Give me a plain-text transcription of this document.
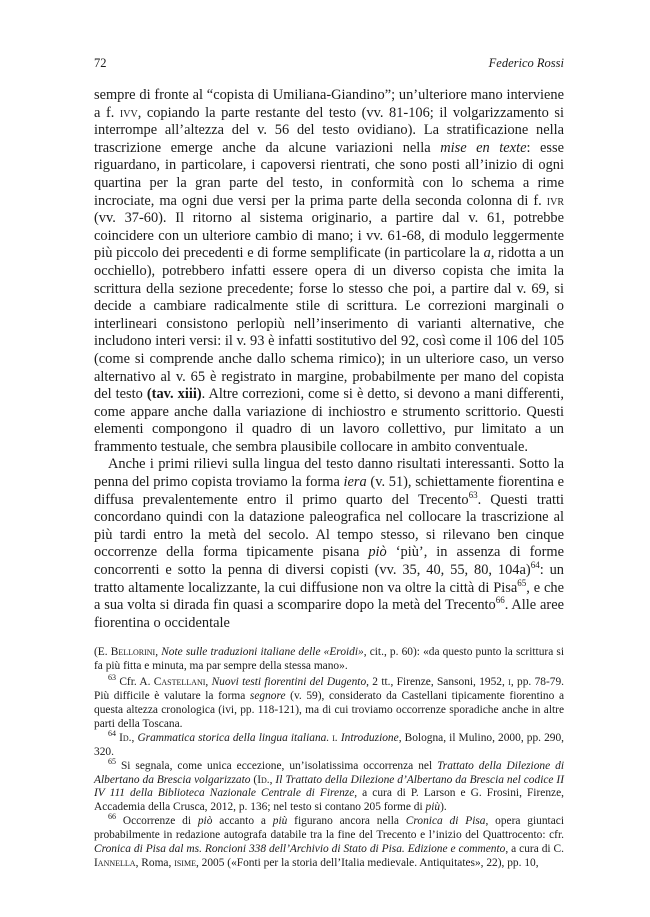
72	Federico Rossi

sempre di fronte al “copista di Umiliana-Giandino”; un’ulteriore mano interviene a f. ivv, copiando la parte restante del testo (vv. 81-106; il volgarizzamento si interrompe all’altezza del v. 56 del testo ovidiano). La stratificazione nella trascrizione emerge anche da alcune variazioni nella mise en texte: esse riguardano, in particolare, i capoversi rientrati, che sono posti all’inizio di ogni quartina per la gran parte del testo, in conformità con lo schema a rime incrociate, ma ogni due versi per la prima parte della seconda colonna di f. ivr (vv. 37-60). Il ritorno al sistema originario, a partire dal v. 61, potrebbe coincidere con un ulteriore cambio di mano; i vv. 61-68, di modulo leggermente più piccolo dei precedenti e di forme semplificate (in particolare la a, ridotta a un occhiello), potrebbero infatti essere opera di un diverso copista che imita la scrittura della sezione precedente; forse lo stesso che poi, a partire dal v. 69, si decide a cambiare radicalmente stile di scrittura. Le correzioni marginali o interlineari consistono perlopiù nell’inserimento di varianti alternative, che includono interi versi: il v. 93 è infatti sostitutivo del 92, così come il 106 del 105 (come si comprende anche dallo schema rimico); in un ulteriore caso, un verso alternativo al v. 65 è registrato in margine, probabilmente per mano del copista del testo (tav. xiii). Altre correzioni, come si è detto, si devono a mani differenti, come appare anche dalla variazione di inchiostro e strumento scrittorio. Questi elementi compongono il quadro di un lavoro collettivo, pur limitato a un frammento testuale, che sembra plausibile collocare in ambito conventuale.

Anche i primi rilievi sulla lingua del testo danno risultati interessanti. Sotto la penna del primo copista troviamo la forma iera (v. 51), schiettamente fiorentina e diffusa prevalentemente entro il primo quarto del Trecento$^{63}$. Questi tratti concordano quindi con la datazione paleografica nel collocare la trascrizione al più tardi entro la metà del secolo. Al tempo stesso, si rilevano ben cinque occorrenze della forma tipicamente pisana piò ‘più’, in assenza di forme concorrenti e sotto la penna di diversi copisti (vv. 35, 40, 55, 80, 104a)$^{64}$: un tratto altamente localizzante, la cui diffusione non va oltre la città di Pisa$^{65}$, e che a sua volta si dirada fin quasi a scomparire dopo la metà del Trecento$^{66}$. Alle aree fiorentina o occidentale

(E. Bellorini, Note sulle traduzioni italiane delle «Eroidi», cit., p. 60): «da questo punto la scrittura si fa più fitta e minuta, ma par sempre della stessa mano».

$^{63}$ Cfr. A. Castellani, Nuovi testi fiorentini del Dugento, 2 tt., Firenze, Sansoni, 1952, i, pp. 78-79. Più difficile è valutare la forma segnore (v. 59), considerato da Castellani tipicamente fiorentino a questa altezza cronologica (ivi, pp. 118-121), ma di cui troviamo occorrenze sporadiche anche in altre parti della Toscana.

$^{64}$ Id., Grammatica storica della lingua italiana. i. Introduzione, Bologna, il Mulino, 2000, pp. 290, 320.

$^{65}$ Si segnala, come unica eccezione, un’isolatissima occorrenza nel Trattato della Dilezione di Albertano da Brescia volgarizzato (Id., Il Trattato della Dilezione d’Albertano da Brescia nel codice II IV 111 della Biblioteca Nazionale Centrale di Firenze, a cura di P. Larson e G. Frosini, Firenze, Accademia della Crusca, 2012, p. 136; nel testo si contano 205 forme di più).

$^{66}$ Occorrenze di piò accanto a più figurano ancora nella Cronica di Pisa, opera giuntaci probabilmente in redazione autografa databile tra la fine del Trecento e l’inizio del Quattrocento: cfr. Cronica di Pisa dal ms. Roncioni 338 dell’Archivio di Stato di Pisa. Edizione e commento, a cura di C. Iannella, Roma, isime, 2005 («Fonti per la storia dell’Italia medievale. Antiquitates», 22), pp. 10,
